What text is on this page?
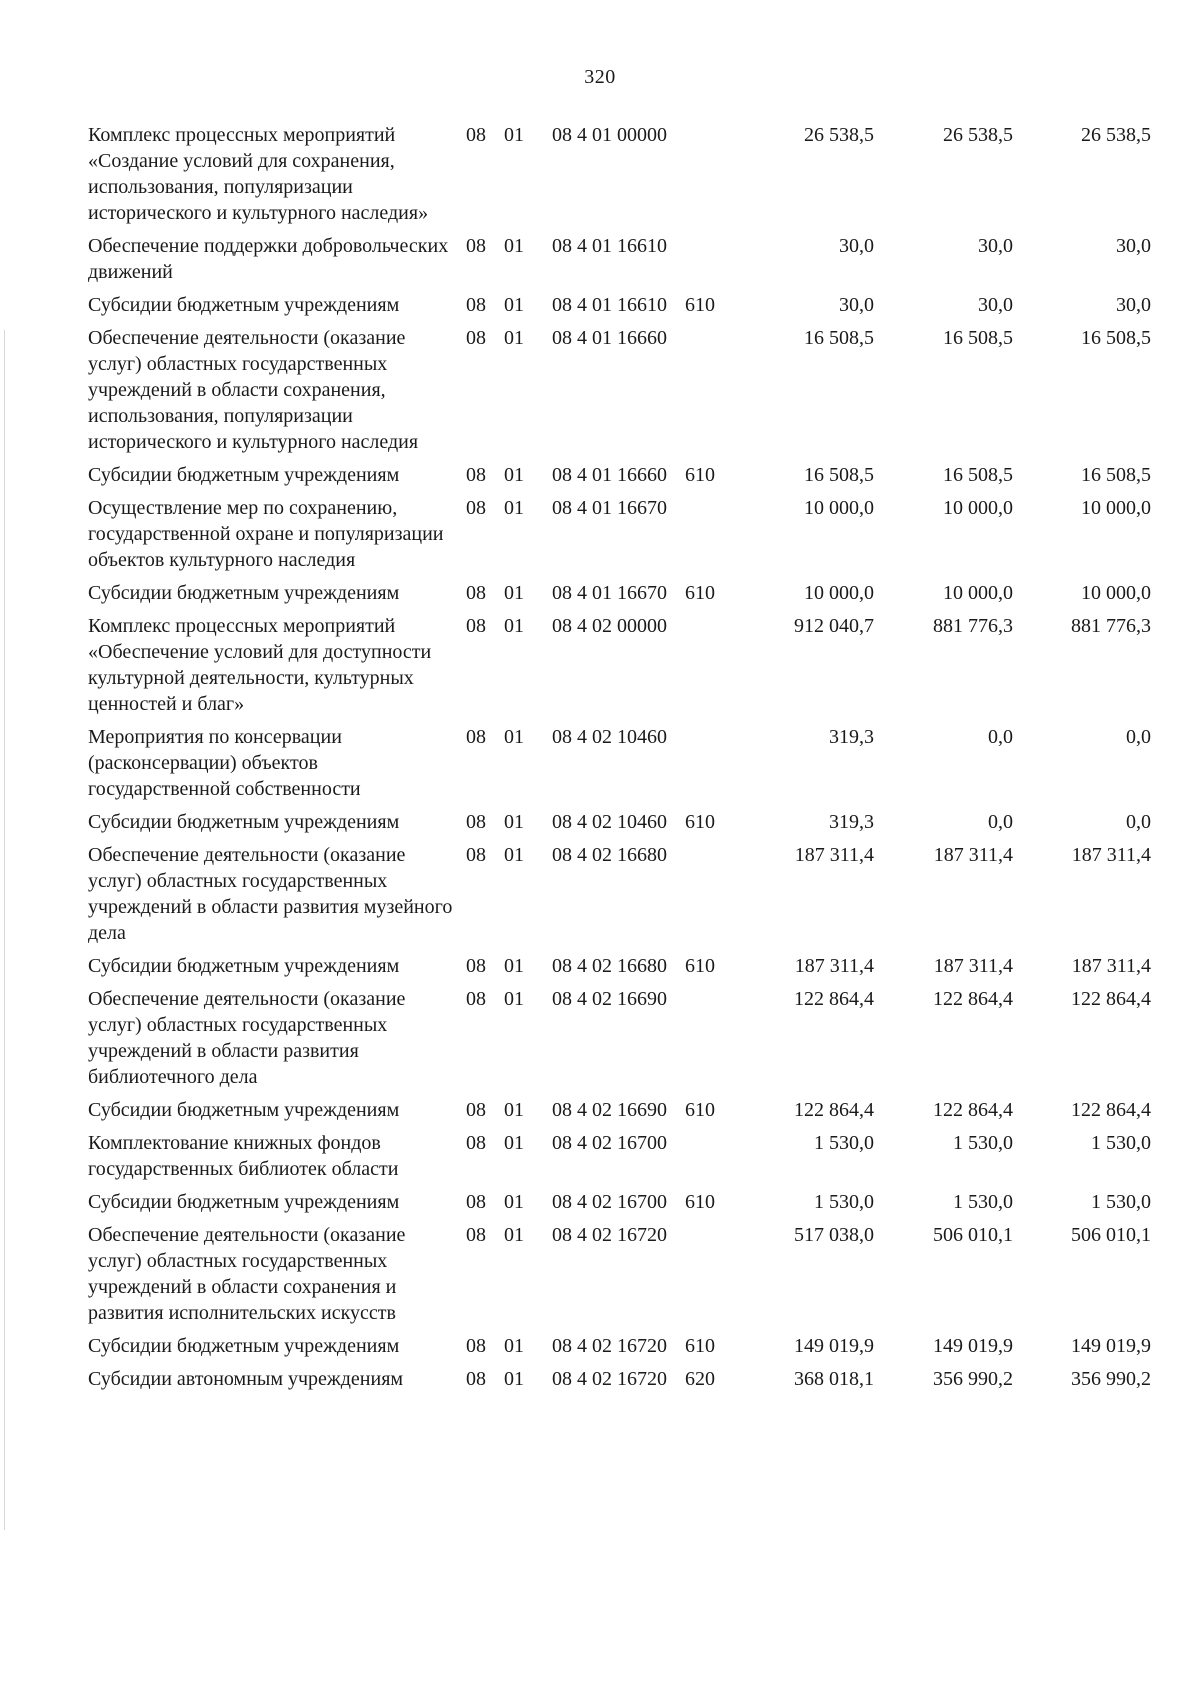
320
Комплекс процессных мероприятий «Создание условий для сохранения, использования, популяризации исторического и культурного наследия»	08	01	08 4 01 00000		26 538,5	26 538,5	26 538,5
Обеспечение поддержки добровольческих движений	08	01	08 4 01 16610		30,0	30,0	30,0
Субсидии бюджетным учреждениям	08	01	08 4 01 16610	610	30,0	30,0	30,0
Обеспечение деятельности (оказание услуг) областных государственных учреждений в области сохранения, использования, популяризации исторического и культурного наследия	08	01	08 4 01 16660		16 508,5	16 508,5	16 508,5
Субсидии бюджетным учреждениям	08	01	08 4 01 16660	610	16 508,5	16 508,5	16 508,5
Осуществление мер по сохранению, государственной охране и популяризации объектов культурного наследия	08	01	08 4 01 16670		10 000,0	10 000,0	10 000,0
Субсидии бюджетным учреждениям	08	01	08 4 01 16670	610	10 000,0	10 000,0	10 000,0
Комплекс процессных мероприятий «Обеспечение условий для доступности культурной деятельности, культурных ценностей и благ»	08	01	08 4 02 00000		912 040,7	881 776,3	881 776,3
Мероприятия по консервации (расконсервации) объектов государственной собственности	08	01	08 4 02 10460		319,3	0,0	0,0
Субсидии бюджетным учреждениям	08	01	08 4 02 10460	610	319,3	0,0	0,0
Обеспечение деятельности (оказание услуг) областных государственных учреждений в области развития музейного дела	08	01	08 4 02 16680		187 311,4	187 311,4	187 311,4
Субсидии бюджетным учреждениям	08	01	08 4 02 16680	610	187 311,4	187 311,4	187 311,4
Обеспечение деятельности (оказание услуг) областных государственных учреждений в области развития библиотечного дела	08	01	08 4 02 16690		122 864,4	122 864,4	122 864,4
Субсидии бюджетным учреждениям	08	01	08 4 02 16690	610	122 864,4	122 864,4	122 864,4
Комплектование книжных фондов государственных библиотек области	08	01	08 4 02 16700		1 530,0	1 530,0	1 530,0
Субсидии бюджетным учреждениям	08	01	08 4 02 16700	610	1 530,0	1 530,0	1 530,0
Обеспечение деятельности (оказание услуг) областных государственных учреждений в области сохранения и развития исполнительских искусств	08	01	08 4 02 16720		517 038,0	506 010,1	506 010,1
Субсидии бюджетным учреждениям	08	01	08 4 02 16720	610	149 019,9	149 019,9	149 019,9
Субсидии автономным учреждениям	08	01	08 4 02 16720	620	368 018,1	356 990,2	356 990,2
